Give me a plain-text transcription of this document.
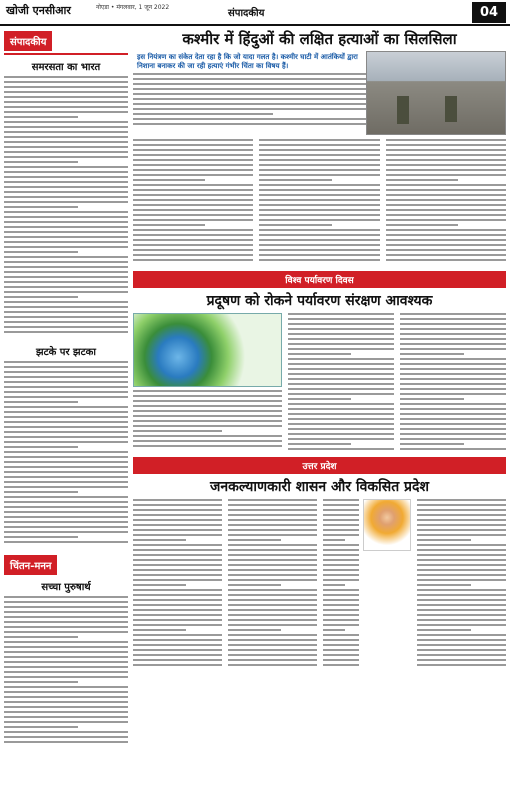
खोजी एनसीआर	नोएडा • मंगलवार, 1 जून 2022
संपादकीय	04
संपादकीय
समरसता का भारत
झटके पर झटका
चिंतन-मनन
सच्चा पुरुषार्थ
कश्मीर में हिंदुओं की लक्षित हत्याओं का सिलसिला
इस नियंत्रण का संकेत देता रहा है कि जो यादा गलत है। कश्मीर घाटी में आतंकियों द्वारा निशाना बनाकर की जा रही हत्याएं गंभीर चिंता का विषय हैं।
विश्व पर्यावरण दिवस
प्रदूषण को रोकने पर्यावरण संरक्षण आवश्यक
उत्तर प्रदेश
जनकल्याणकारी शासन और विकसित प्रदेश
